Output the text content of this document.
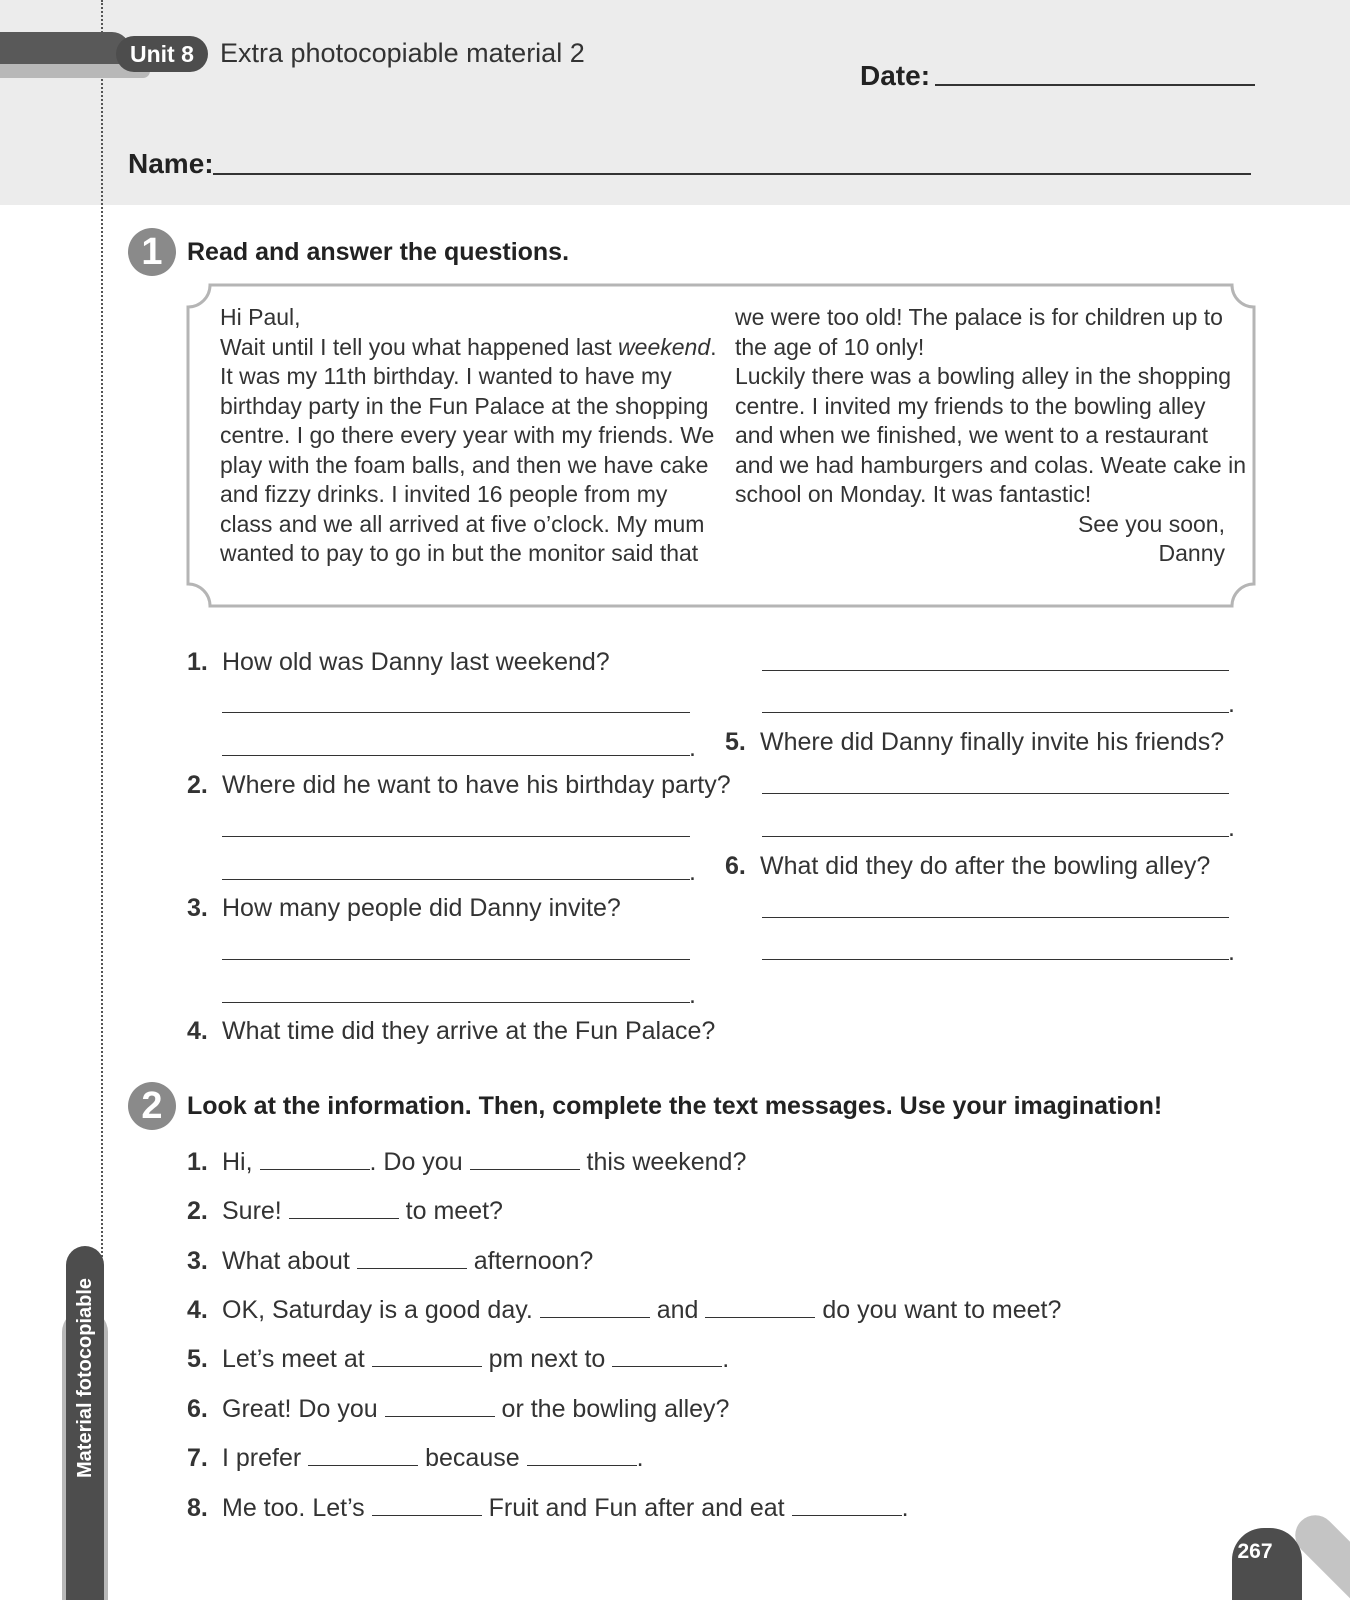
Unit 8 Extra photocopiable material 2
Date:
Name:
1 Read and answer the questions.

Hi Paul,

Wait until I tell you what happened last weekend.

It was my 11th birthday. I wanted to have my

birthday party in the Fun Palace at the shopping

centre. I go there every year with my friends. We

play with the foam balls, and then we have cake

and fizzy drinks. I invited 16 people from my

class and we all arrived at five o’clock. My mum

wanted to pay to go in but the monitor said that

we were too old! The palace is for children up to

the age of 10 only!

Luckily there was a bowling alley in the shopping

centre. I invited my friends to the bowling alley

and when we finished, we went to a restaurant

and we had hamburgers and colas. Weate cake in

school on Monday. It was fantastic!

See you soon,

Danny

1. How old was Danny last weekend?
.
2. Where did he want to have his birthday party?
.
3. How many people did Danny invite?
.
4. What time did they arrive at the Fun Palace?
.
5. Where did Danny finally invite his friends?
.
6. What did they do after the bowling alley?
.
2 Look at the information. Then, complete the text messages. Use your imagination!
1. Hi,	. Do you	this weekend?
2. Sure!	to meet?
3. What about	afternoon?
4. OK, Saturday is a good day.	and	do you want to meet?
5. Let’s meet at	pm next to	.
6. Great! Do you	or the bowling alley?
7. I prefer	because	.
8. Me too. Let’s	Fruit and Fun after and eat	.
Material fotocopiable
267
